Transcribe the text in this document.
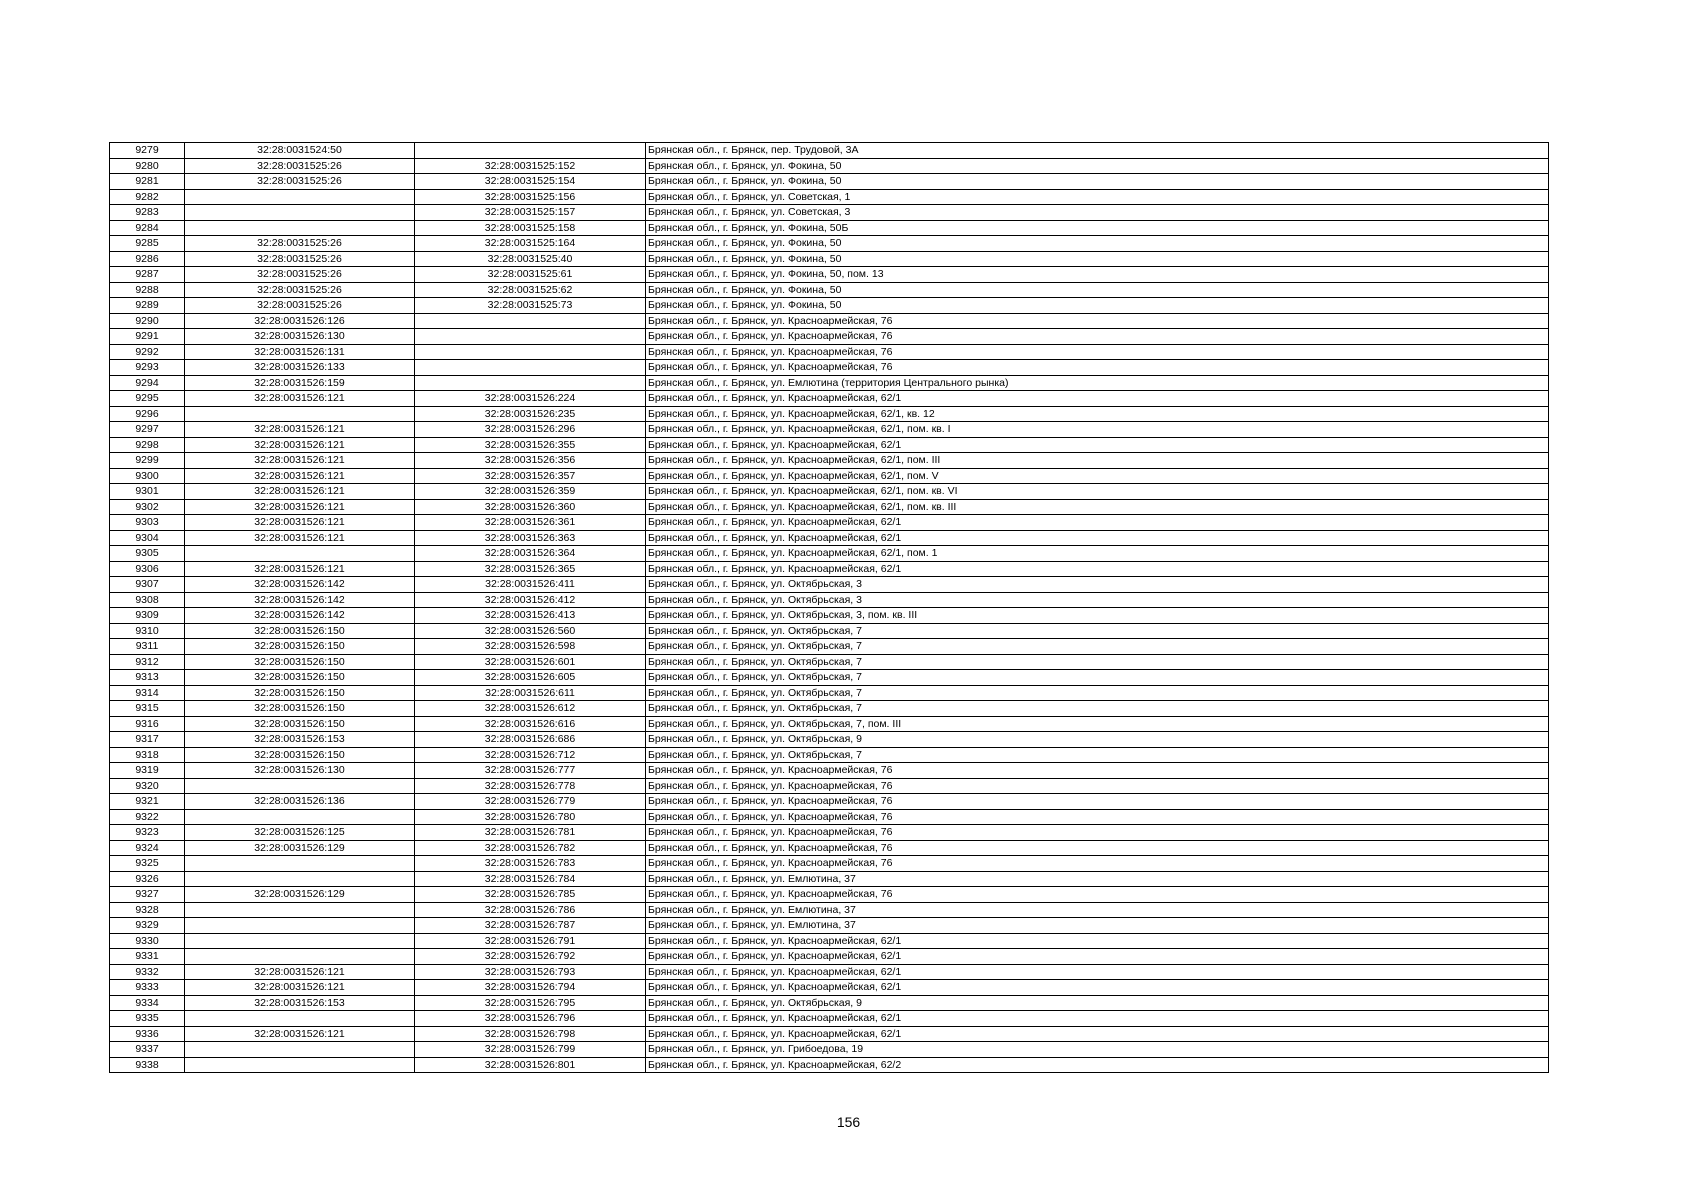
9279	32:28:0031524:50		Брянская обл., г. Брянск, пер. Трудовой, 3А
9280	32:28:0031525:26	32:28:0031525:152	Брянская обл., г. Брянск, ул. Фокина, 50
9281	32:28:0031525:26	32:28:0031525:154	Брянская обл., г. Брянск, ул. Фокина, 50
9282		32:28:0031525:156	Брянская обл., г. Брянск, ул. Советская, 1
9283		32:28:0031525:157	Брянская обл., г. Брянск, ул. Советская, 3
9284		32:28:0031525:158	Брянская обл., г. Брянск, ул. Фокина, 50Б
9285	32:28:0031525:26	32:28:0031525:164	Брянская обл., г. Брянск, ул. Фокина, 50
9286	32:28:0031525:26	32:28:0031525:40	Брянская обл., г. Брянск, ул. Фокина, 50
9287	32:28:0031525:26	32:28:0031525:61	Брянская обл., г. Брянск, ул. Фокина, 50, пом. 13
9288	32:28:0031525:26	32:28:0031525:62	Брянская обл., г. Брянск, ул. Фокина, 50
9289	32:28:0031525:26	32:28:0031525:73	Брянская обл., г. Брянск, ул. Фокина, 50
9290	32:28:0031526:126		Брянская обл., г. Брянск, ул. Красноармейская, 76
9291	32:28:0031526:130		Брянская обл., г. Брянск, ул. Красноармейская, 76
9292	32:28:0031526:131		Брянская обл., г. Брянск, ул. Красноармейская, 76
9293	32:28:0031526:133		Брянская обл., г. Брянск, ул. Красноармейская, 76
9294	32:28:0031526:159		Брянская обл., г. Брянск, ул. Емлютина (территория Центрального рынка)
9295	32:28:0031526:121	32:28:0031526:224	Брянская обл., г. Брянск, ул. Красноармейская, 62/1
9296		32:28:0031526:235	Брянская обл., г. Брянск, ул. Красноармейская, 62/1, кв. 12
9297	32:28:0031526:121	32:28:0031526:296	Брянская обл., г. Брянск, ул. Красноармейская, 62/1, пом. кв. I
9298	32:28:0031526:121	32:28:0031526:355	Брянская обл., г. Брянск, ул. Красноармейская, 62/1
9299	32:28:0031526:121	32:28:0031526:356	Брянская обл., г. Брянск, ул. Красноармейская, 62/1, пом. III
9300	32:28:0031526:121	32:28:0031526:357	Брянская обл., г. Брянск, ул. Красноармейская, 62/1, пом. V
9301	32:28:0031526:121	32:28:0031526:359	Брянская обл., г. Брянск, ул. Красноармейская, 62/1, пом. кв. VI
9302	32:28:0031526:121	32:28:0031526:360	Брянская обл., г. Брянск, ул. Красноармейская, 62/1, пом. кв. III
9303	32:28:0031526:121	32:28:0031526:361	Брянская обл., г. Брянск, ул. Красноармейская, 62/1
9304	32:28:0031526:121	32:28:0031526:363	Брянская обл., г. Брянск, ул. Красноармейская, 62/1
9305		32:28:0031526:364	Брянская обл., г. Брянск, ул. Красноармейская, 62/1, пом. 1
9306	32:28:0031526:121	32:28:0031526:365	Брянская обл., г. Брянск, ул. Красноармейская, 62/1
9307	32:28:0031526:142	32:28:0031526:411	Брянская обл., г. Брянск, ул. Октябрьская, 3
9308	32:28:0031526:142	32:28:0031526:412	Брянская обл., г. Брянск, ул. Октябрьская, 3
9309	32:28:0031526:142	32:28:0031526:413	Брянская обл., г. Брянск, ул. Октябрьская, 3, пом. кв. III
9310	32:28:0031526:150	32:28:0031526:560	Брянская обл., г. Брянск, ул. Октябрьская, 7
9311	32:28:0031526:150	32:28:0031526:598	Брянская обл., г. Брянск, ул. Октябрьская, 7
9312	32:28:0031526:150	32:28:0031526:601	Брянская обл., г. Брянск, ул. Октябрьская, 7
9313	32:28:0031526:150	32:28:0031526:605	Брянская обл., г. Брянск, ул. Октябрьская, 7
9314	32:28:0031526:150	32:28:0031526:611	Брянская обл., г. Брянск, ул. Октябрьская, 7
9315	32:28:0031526:150	32:28:0031526:612	Брянская обл., г. Брянск, ул. Октябрьская, 7
9316	32:28:0031526:150	32:28:0031526:616	Брянская обл., г. Брянск, ул. Октябрьская, 7, пом. III
9317	32:28:0031526:153	32:28:0031526:686	Брянская обл., г. Брянск, ул. Октябрьская, 9
9318	32:28:0031526:150	32:28:0031526:712	Брянская обл., г. Брянск, ул. Октябрьская, 7
9319	32:28:0031526:130	32:28:0031526:777	Брянская обл., г. Брянск, ул. Красноармейская, 76
9320		32:28:0031526:778	Брянская обл., г. Брянск, ул. Красноармейская, 76
9321	32:28:0031526:136	32:28:0031526:779	Брянская обл., г. Брянск, ул. Красноармейская, 76
9322		32:28:0031526:780	Брянская обл., г. Брянск, ул. Красноармейская, 76
9323	32:28:0031526:125	32:28:0031526:781	Брянская обл., г. Брянск, ул. Красноармейская, 76
9324	32:28:0031526:129	32:28:0031526:782	Брянская обл., г. Брянск, ул. Красноармейская, 76
9325		32:28:0031526:783	Брянская обл., г. Брянск, ул. Красноармейская, 76
9326		32:28:0031526:784	Брянская обл., г. Брянск, ул. Емлютина, 37
9327	32:28:0031526:129	32:28:0031526:785	Брянская обл., г. Брянск, ул. Красноармейская, 76
9328		32:28:0031526:786	Брянская обл., г. Брянск, ул. Емлютина, 37
9329		32:28:0031526:787	Брянская обл., г. Брянск, ул. Емлютина, 37
9330		32:28:0031526:791	Брянская обл., г. Брянск, ул. Красноармейская, 62/1
9331		32:28:0031526:792	Брянская обл., г. Брянск, ул. Красноармейская, 62/1
9332	32:28:0031526:121	32:28:0031526:793	Брянская обл., г. Брянск, ул. Красноармейская, 62/1
9333	32:28:0031526:121	32:28:0031526:794	Брянская обл., г. Брянск, ул. Красноармейская, 62/1
9334	32:28:0031526:153	32:28:0031526:795	Брянская обл., г. Брянск, ул. Октябрьская, 9
9335		32:28:0031526:796	Брянская обл., г. Брянск, ул. Красноармейская, 62/1
9336	32:28:0031526:121	32:28:0031526:798	Брянская обл., г. Брянск, ул. Красноармейская, 62/1
9337		32:28:0031526:799	Брянская обл., г. Брянск, ул. Грибоедова, 19
9338		32:28:0031526:801	Брянская обл., г. Брянск, ул. Красноармейская, 62/2
156
